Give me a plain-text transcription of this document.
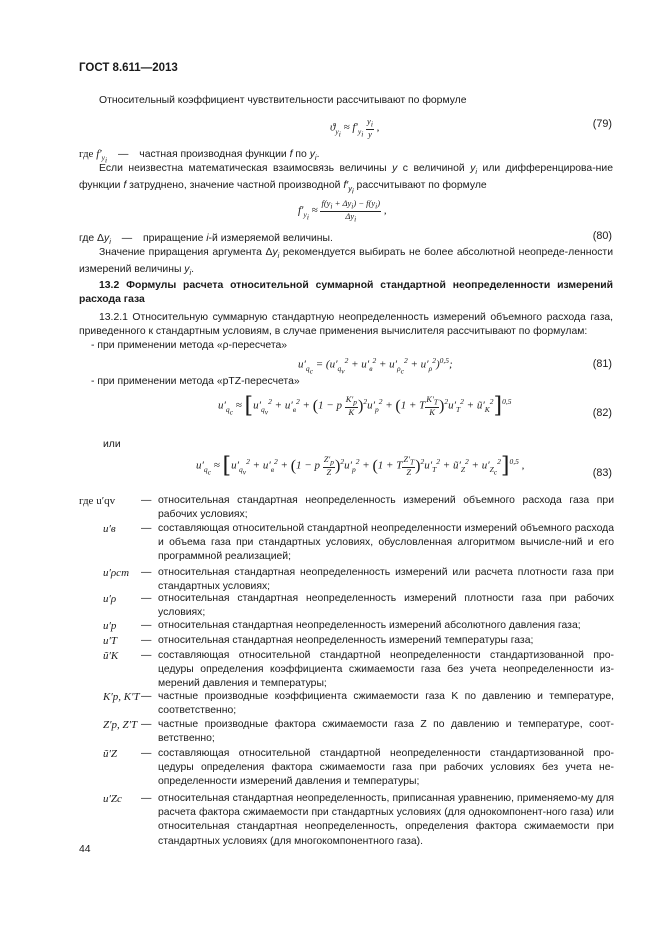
ГОСТ 8.611—2013
Относительный коэффициент чувствительности рассчитывают по формуле
$ϑ_{y_i} \approx f'_{y_i} \frac{y_i}{y}$ ,	(79)
где $f'_{y_i}$ — частная производная функции f по $y_i$.
Если неизвестна математическая взаимосвязь величины y с величиной $y_i$ или дифференцирова-ние функции f затруднено, значение частной производной $f'_{y_i}$ рассчитывают по формуле
$f'_{y_i} \approx \frac{f(y_i + \Delta y_i) - f(y_i)}{\Delta y_i}$ ,
(80)
где $\Delta y_i$ — приращение i-й измеряемой величины.
Значение приращения аргумента $\Delta y_i$ рекомендуется выбирать не более абсолютной неопреде-ленности измерений величины $y_i$.
13.2 Формулы расчета относительной суммарной стандартной неопределенности измерений расхода газа
13.2.1 Относительную суммарную стандартную неопределенность измерений объемного расхода газа, приведенного к стандартным условиям, в случае применения вычислителя рассчитывают по формулам:
- при применении метода «ρ-пересчета»
$u'_{q_c} = (u'_{q_v}^2 + u'_в^2 + u'_{\rho_c}^2 + u'_\rho^2)^{0,5}$;	(81)
- при применении метода «pTZ-пересчета»
$u'_{q_c} \approx [u'_{q_v}^2 + u'_в^2 + (1 - p \frac{K'_p}{K} )^2u'_p^2 + (1 + T \frac{K'_T}{K} )^2u'_T^2$ + $ũ'_K^2]^{0,5}$
(82)
или
$u'_{q_c} \approx [u'_{q_v}^2 + u'_в^2 + (1 - p \frac{Z'_p}{Z} )^2u'_p^2 + (1 + T \frac{Z'_T}{Z} )^2u'_T^2$ + $ũ'_Z^2 + u'_{Z_c}^2]^{0,5}$ ,
(83)
где u′qv	— относительная стандартная неопределенность измерений объемного расхода газа при рабочих условиях;
u′в	— составляющая относительной стандартной неопределенности измерений объемного расхода и объема газа при стандартных условиях, обусловленная алгоритмом вычисле-ний и его программной реализацией;
u′ρст	— относительная стандартная неопределенность измерений или расчета плотности газа при стандартных условиях;
u′ρ	— относительная стандартная неопределенность измерений плотности газа при рабочих условиях;
u′p	— относительная стандартная неопределенность измерений абсолютного давления газа;
u′T	— относительная стандартная неопределенность измерений температуры газа;
ũ′K	— составляющая относительной стандартной неопределенности стандартизованной про-цедуры определения коэффициента сжимаемости газа без учета неопределенности из-мерений давления и температуры;
K′p, K′T — частные производные коэффициента сжимаемости газа K по давлению и температуре, соответственно;
Z′p, Z′T — частные производные фактора сжимаемости газа Z по давлению и температуре, соот-ветственно;
ũ′Z	— составляющая относительной стандартной неопределенности стандартизованной про-цедуры определения фактора сжимаемости газа при рабочих условиях без учета не-определенности измерений давления и температуры;
u′Zc	— относительная стандартная неопределенность, приписанная уравнению, применяемо-му для расчета фактора сжимаемости при стандартных условиях (для однокомпонент-ного газа) или относительная стандартная неопределенность, определения фактора сжимаемости при стандартных условиях (для многокомпонентного газа).
44
